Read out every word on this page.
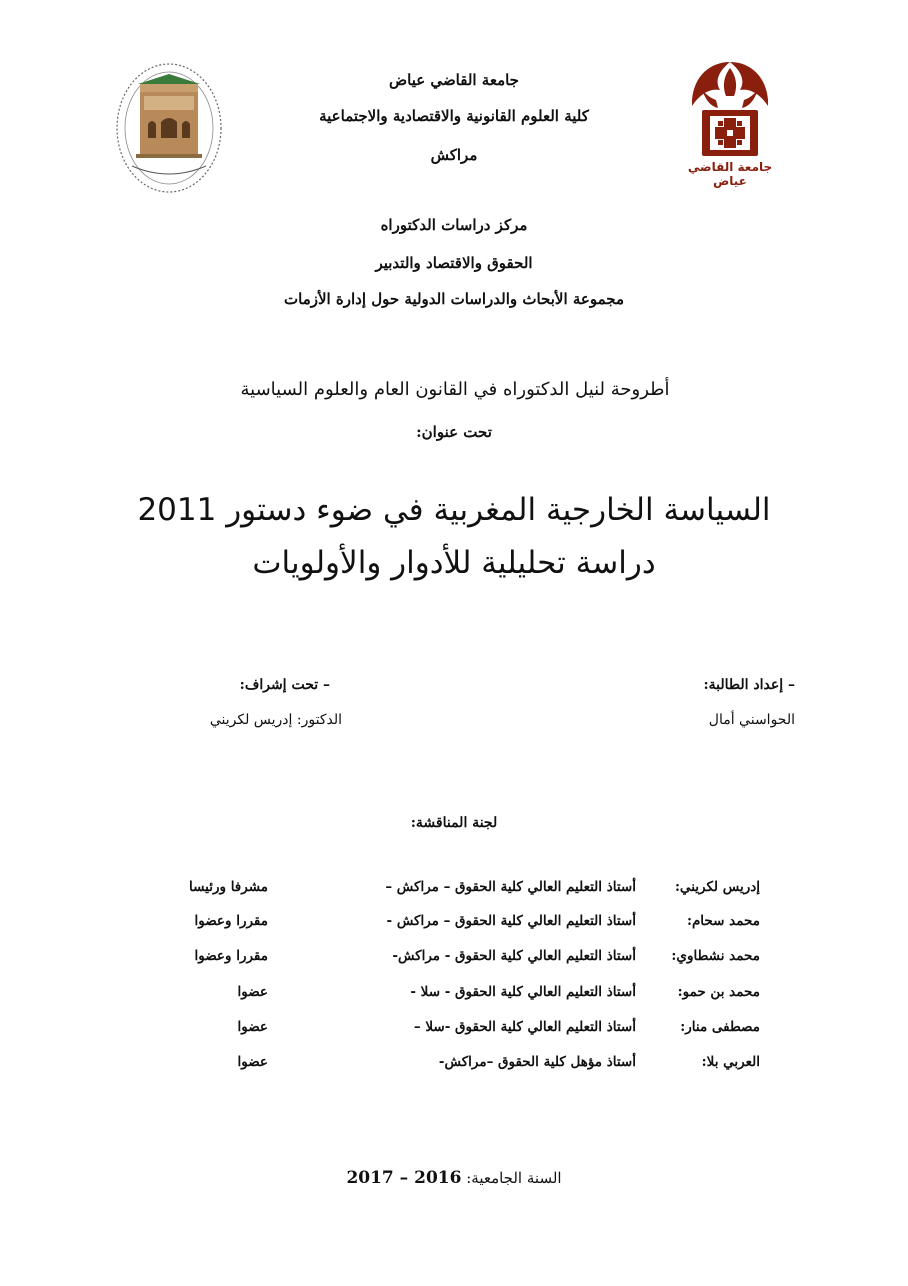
جامعة القاضي عياض
جامعة القاضي عياض
كلية العلوم القانونية والاقتصادية والاجتماعية
مراكش
مركز دراسات الدكتوراه
الحقوق والاقتصاد والتدبير
مجموعة الأبحاث والدراسات الدولية حول إدارة الأزمات
أطروحة لنيل الدكتوراه في القانون العام والعلوم السياسية
تحت عنوان:
السياسة الخارجية المغربية في ضوء دستور 2011
دراسة تحليلية للأدوار والأولويات
– إعداد الطالبة:
الحواسني أمال
– تحت إشراف:
الدكتور: إدريس لكريني
لجنة المناقشة:
إدريس لكريني:
أستاذ التعليم العالي كلية الحقوق – مراكش –
مشرفا ورئيسا
محمد سحام:
أستاذ التعليم العالي كلية الحقوق – مراكش -
مقررا وعضوا
محمد نشطاوي:
أستاذ التعليم العالي كلية الحقوق - مراكش-
مقررا وعضوا
محمد بن حمو:
أستاذ التعليم العالي كلية الحقوق - سلا -
عضوا
مصطفى منار:
أستاذ التعليم العالي كلية الحقوق -سلا –
عضوا
العربي بلا:
أستاذ مؤهل كلية الحقوق –مراكش-
عضوا
السنة الجامعية: 2016 – 2017
